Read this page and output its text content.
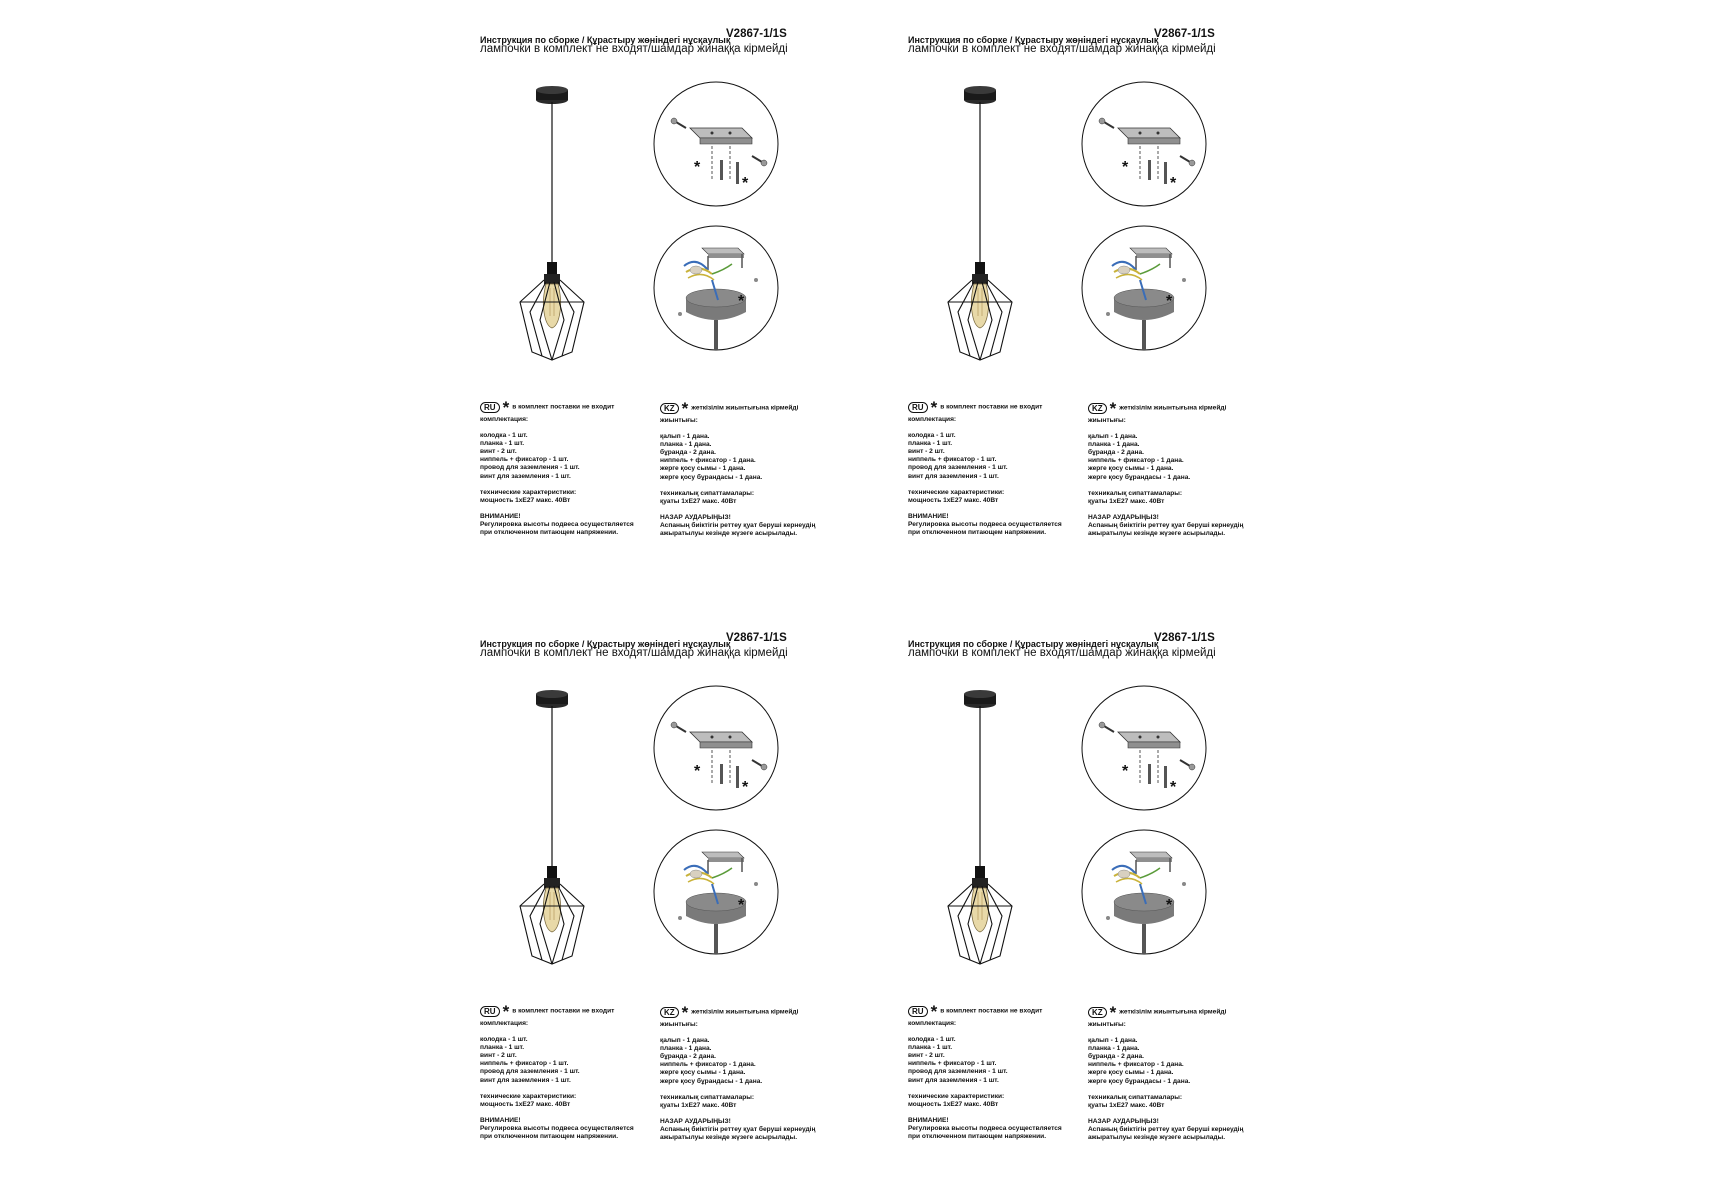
Инструкция по сборке / Құрастыру жөніндегі нұсқаулық
V2867-1/1S
лампочки в комплект не входят/шамдар жинаққа кірмейді
*
*
*
RU * в комплект поставки не входит
комплектация:
колодка - 1 шт.
планка - 1 шт.
винт - 2 шт.
ниппель + фиксатор - 1 шт.
провод для заземления - 1 шт.
винт для заземления - 1 шт.
технические характеристики:
мощность 1хЕ27 макс. 40Вт
ВНИМАНИЕ!
Регулировка высоты подвеса осуществляется
при отключенном питающем напряжении.
KZ * жеткізілім жиынтығына кірмейді
жиынтығы:
қалып - 1 дана.
планка - 1 дана.
бұранда - 2 дана.
ниппель + фиксатор - 1 дана.
жерге қосу сымы - 1 дана.
жерге қосу бұрандасы - 1 дана.
техникалық сипаттамалары:
қуаты 1хЕ27 макс. 40Вт
НАЗАР АУДАРЫҢЫЗ!
Аспаның биіктігін реттеу қуат беруші кернеудің
ажыратылуы кезінде жүзеге асырылады.
Инструкция по сборке / Құрастыру жөніндегі нұсқаулық
V2867-1/1S
лампочки в комплект не входят/шамдар жинаққа кірмейді
*
*
*
RU * в комплект поставки не входит
комплектация:
колодка - 1 шт.
планка - 1 шт.
винт - 2 шт.
ниппель + фиксатор - 1 шт.
провод для заземления - 1 шт.
винт для заземления - 1 шт.
технические характеристики:
мощность 1хЕ27 макс. 40Вт
ВНИМАНИЕ!
Регулировка высоты подвеса осуществляется
при отключенном питающем напряжении.
KZ * жеткізілім жиынтығына кірмейді
жиынтығы:
қалып - 1 дана.
планка - 1 дана.
бұранда - 2 дана.
ниппель + фиксатор - 1 дана.
жерге қосу сымы - 1 дана.
жерге қосу бұрандасы - 1 дана.
техникалық сипаттамалары:
қуаты 1хЕ27 макс. 40Вт
НАЗАР АУДАРЫҢЫЗ!
Аспаның биіктігін реттеу қуат беруші кернеудің
ажыратылуы кезінде жүзеге асырылады.
Инструкция по сборке / Құрастыру жөніндегі нұсқаулық
V2867-1/1S
лампочки в комплект не входят/шамдар жинаққа кірмейді
*
*
*
RU * в комплект поставки не входит
комплектация:
колодка - 1 шт.
планка - 1 шт.
винт - 2 шт.
ниппель + фиксатор - 1 шт.
провод для заземления - 1 шт.
винт для заземления - 1 шт.
технические характеристики:
мощность 1хЕ27 макс. 40Вт
ВНИМАНИЕ!
Регулировка высоты подвеса осуществляется
при отключенном питающем напряжении.
KZ * жеткізілім жиынтығына кірмейді
жиынтығы:
қалып - 1 дана.
планка - 1 дана.
бұранда - 2 дана.
ниппель + фиксатор - 1 дана.
жерге қосу сымы - 1 дана.
жерге қосу бұрандасы - 1 дана.
техникалық сипаттамалары:
қуаты 1хЕ27 макс. 40Вт
НАЗАР АУДАРЫҢЫЗ!
Аспаның биіктігін реттеу қуат беруші кернеудің
ажыратылуы кезінде жүзеге асырылады.
Инструкция по сборке / Құрастыру жөніндегі нұсқаулық
V2867-1/1S
лампочки в комплект не входят/шамдар жинаққа кірмейді
*
*
*
RU * в комплект поставки не входит
комплектация:
колодка - 1 шт.
планка - 1 шт.
винт - 2 шт.
ниппель + фиксатор - 1 шт.
провод для заземления - 1 шт.
винт для заземления - 1 шт.
технические характеристики:
мощность 1хЕ27 макс. 40Вт
ВНИМАНИЕ!
Регулировка высоты подвеса осуществляется
при отключенном питающем напряжении.
KZ * жеткізілім жиынтығына кірмейді
жиынтығы:
қалып - 1 дана.
планка - 1 дана.
бұранда - 2 дана.
ниппель + фиксатор - 1 дана.
жерге қосу сымы - 1 дана.
жерге қосу бұрандасы - 1 дана.
техникалық сипаттамалары:
қуаты 1хЕ27 макс. 40Вт
НАЗАР АУДАРЫҢЫЗ!
Аспаның биіктігін реттеу қуат беруші кернеудің
ажыратылуы кезінде жүзеге асырылады.
